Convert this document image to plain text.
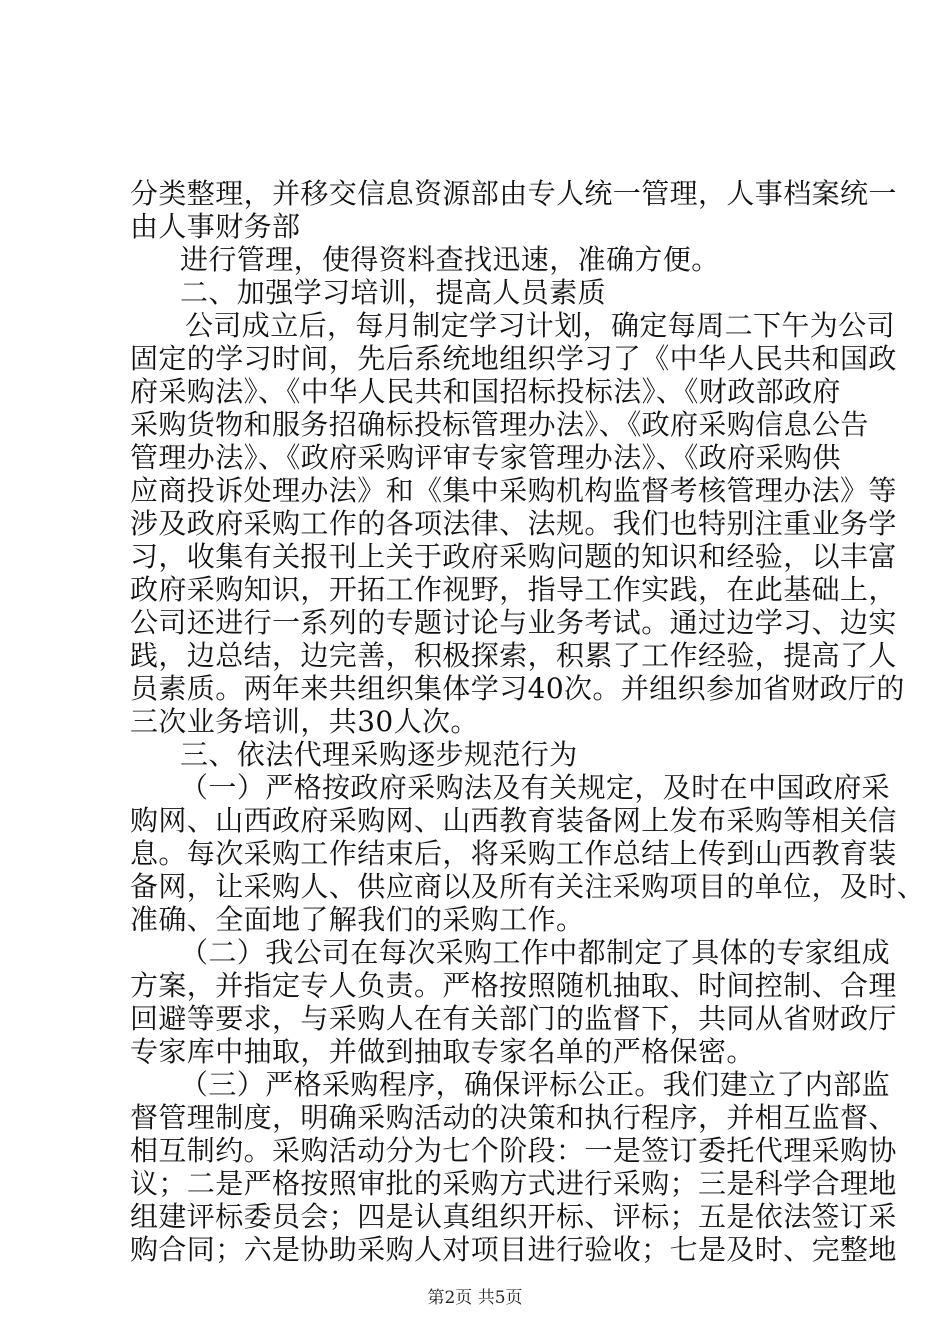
分类整理，并移交信息资源部由专人统一管理，人事档案统一
由人事财务部
进行管理，使得资料查找迅速，准确方便。
二、加强学习培训，提高人员素质
公司成立后，每月制定学习计划，确定每周二下午为公司
固定的学习时间，先后系统地组织学习了《中华人民共和国政
府采购法》、《中华人民共和国招标投标法》、《财政部政府
采购货物和服务招确标投标管理办法》、《政府采购信息公告
管理办法》、《政府采购评审专家管理办法》、《政府采购供
应商投诉处理办法》和《集中采购机构监督考核管理办法》等
涉及政府采购工作的各项法律、法规。我们也特别注重业务学
习，收集有关报刊上关于政府采购问题的知识和经验，以丰富
政府采购知识，开拓工作视野，指导工作实践，在此基础上，
公司还进行一系列的专题讨论与业务考试。通过边学习、边实
践，边总结，边完善，积极探索，积累了工作经验，提高了人
员素质。两年来共组织集体学习40次。并组织参加省财政厅的
三次业务培训，共30人次。
三、依法代理采购逐步规范行为
（一）严格按政府采购法及有关规定，及时在中国政府采
购网、山西政府采购网、山西教育装备网上发布采购等相关信
息。每次采购工作结束后，将采购工作总结上传到山西教育装
备网，让采购人、供应商以及所有关注采购项目的单位，及时、
准确、全面地了解我们的采购工作。
（二）我公司在每次采购工作中都制定了具体的专家组成
方案，并指定专人负责。严格按照随机抽取、时间控制、合理
回避等要求，与采购人在有关部门的监督下，共同从省财政厅
专家库中抽取，并做到抽取专家名单的严格保密。
（三）严格采购程序，确保评标公正。我们建立了内部监
督管理制度，明确采购活动的决策和执行程序，并相互监督、
相互制约。采购活动分为七个阶段：一是签订委托代理采购协
议；二是严格按照审批的采购方式进行采购；三是科学合理地
组建评标委员会；四是认真组织开标、评标；五是依法签订采
购合同；六是协助采购人对项目进行验收；七是及时、完整地
第2页 共5页
